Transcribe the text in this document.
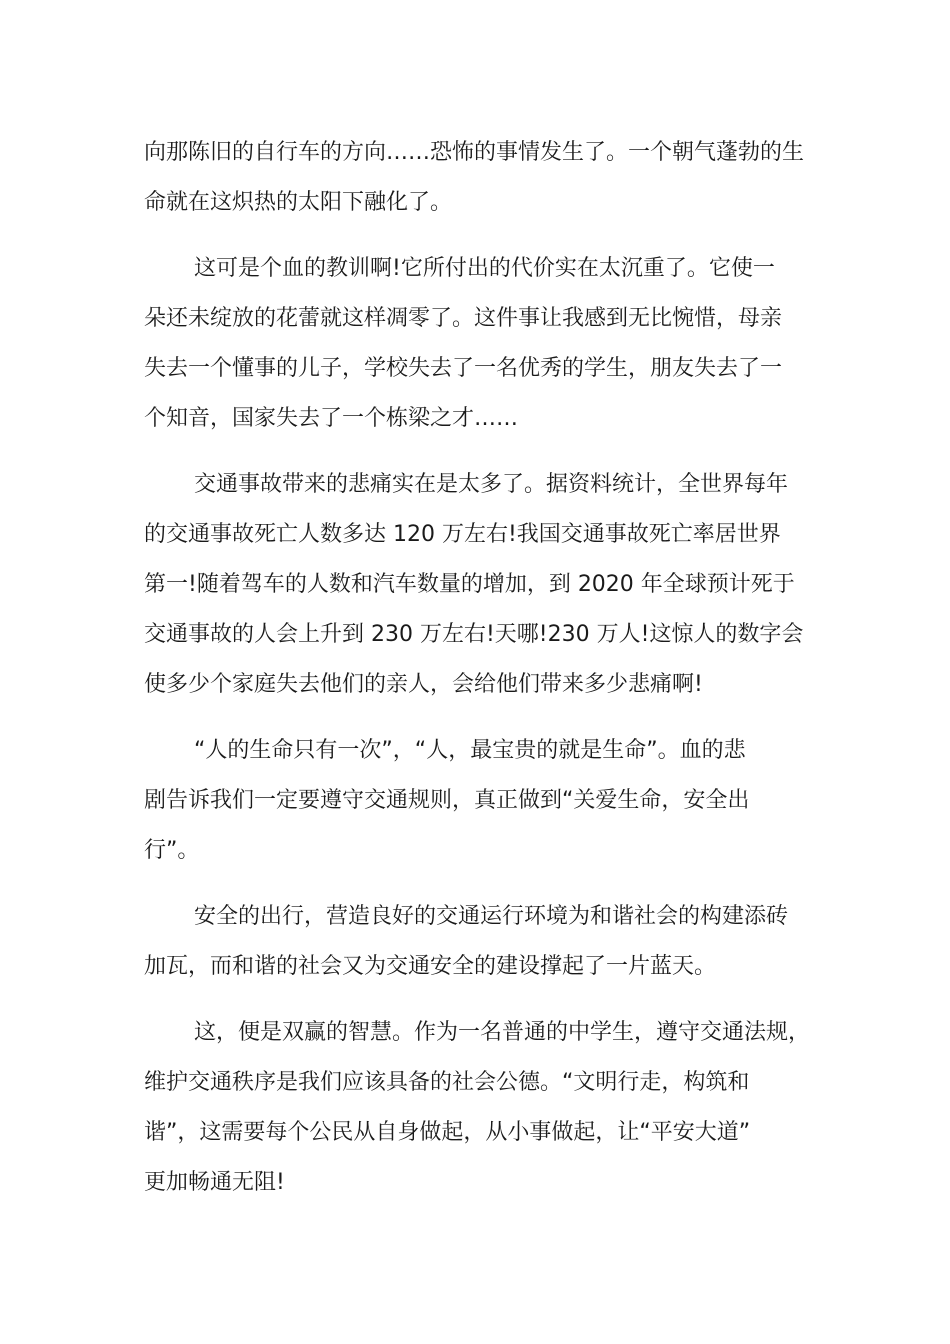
向那陈旧的自行车的方向……恐怖的事情发生了。一个朝气蓬勃的生
命就在这炽热的太阳下融化了。
这可是个血的教训啊!它所付出的代价实在太沉重了。它使一
朵还未绽放的花蕾就这样凋零了。这件事让我感到无比惋惜，母亲
失去一个懂事的儿子，学校失去了一名优秀的学生，朋友失去了一
个知音，国家失去了一个栋梁之才……
交通事故带来的悲痛实在是太多了。据资料统计，全世界每年
的交通事故死亡人数多达 120 万左右!我国交通事故死亡率居世界
第一!随着驾车的人数和汽车数量的增加，到 2020 年全球预计死于
交通事故的人会上升到 230 万左右!天哪!230 万人!这惊人的数字会
使多少个家庭失去他们的亲人，会给他们带来多少悲痛啊!
“人的生命只有一次”，“人，最宝贵的就是生命”。血的悲
剧告诉我们一定要遵守交通规则，真正做到“关爱生命，安全出
行”。
安全的出行，营造良好的交通运行环境为和谐社会的构建添砖
加瓦，而和谐的社会又为交通安全的建设撑起了一片蓝天。
这，便是双赢的智慧。作为一名普通的中学生，遵守交通法规，
维护交通秩序是我们应该具备的社会公德。“文明行走，构筑和
谐”，这需要每个公民从自身做起，从小事做起，让“平安大道”
更加畅通无阻!
